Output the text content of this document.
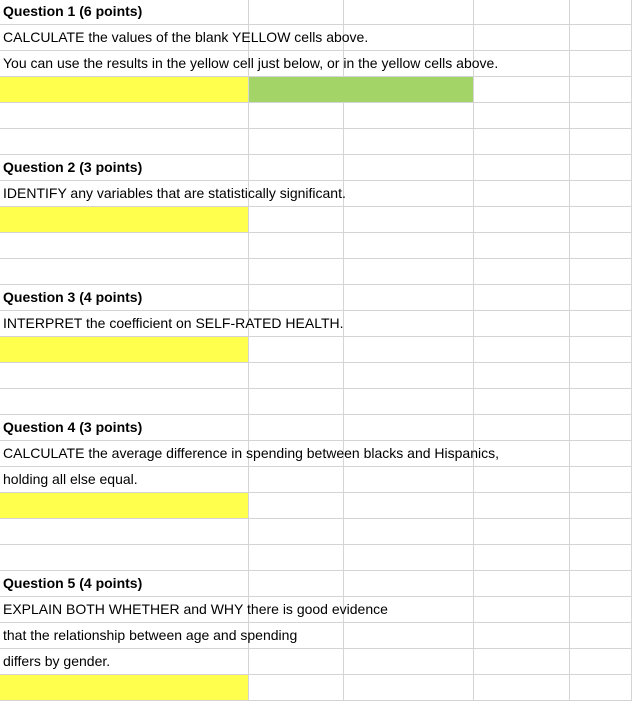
Question 1 (6 points)
CALCULATE the values of the blank YELLOW cells above.
You can use the results in the yellow cell just below, or in the yellow cells above.
Question 2 (3 points)
IDENTIFY any variables that are statistically significant.
Question 3 (4 points)
INTERPRET the coefficient on SELF-RATED HEALTH.
Question 4 (3 points)
CALCULATE the average difference in spending between blacks and Hispanics,
holding all else equal.
Question 5 (4 points)
EXPLAIN BOTH WHETHER and WHY there is good evidence
that the relationship between age and spending
differs by gender.
